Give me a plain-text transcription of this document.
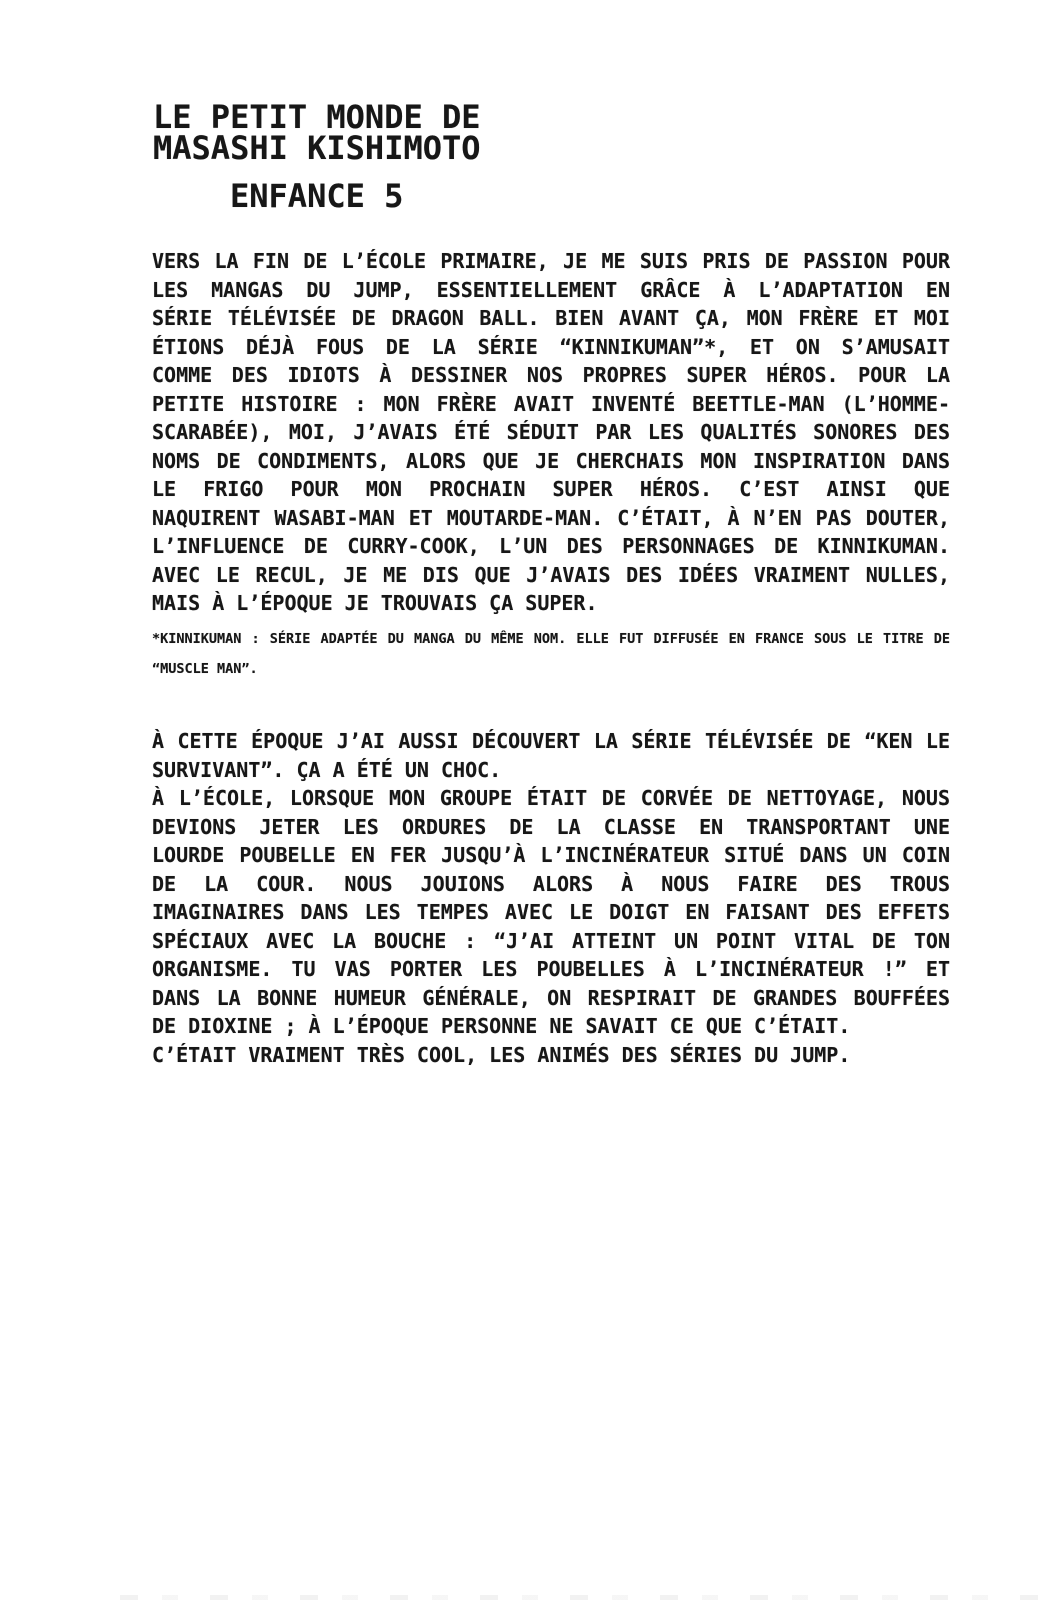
LE PETIT MONDE DE
MASASHI KISHIMOTO
ENFANCE 5
VERS LA FIN DE L’ÉCOLE PRIMAIRE, JE ME SUIS PRIS DE PASSION POUR
LES MANGAS DU JUMP, ESSENTIELLEMENT GRÂCE À L’ADAPTATION EN
SÉRIE TÉLÉVISÉE DE DRAGON BALL. BIEN AVANT ÇA, MON FRÈRE ET MOI
ÉTIONS DÉJÀ FOUS DE LA SÉRIE “KINNIKUMAN”*, ET ON S’AMUSAIT
COMME DES IDIOTS À DESSINER NOS PROPRES SUPER HÉROS. POUR LA
PETITE HISTOIRE : MON FRÈRE AVAIT INVENTÉ BEETTLE-MAN (L’HOMME-
SCARABÉE), MOI, J’AVAIS ÉTÉ SÉDUIT PAR LES QUALITÉS SONORES DES
NOMS DE CONDIMENTS, ALORS QUE JE CHERCHAIS MON INSPIRATION DANS
LE FRIGO POUR MON PROCHAIN SUPER HÉROS. C’EST AINSI QUE
NAQUIRENT WASABI-MAN ET MOUTARDE-MAN. C’ÉTAIT, À N’EN PAS DOUTER,
L’INFLUENCE DE CURRY-COOK, L’UN DES PERSONNAGES DE KINNIKUMAN.
AVEC LE RECUL, JE ME DIS QUE J’AVAIS DES IDÉES VRAIMENT NULLES,
MAIS À L’ÉPOQUE JE TROUVAIS ÇA SUPER.
*KINNIKUMAN : SÉRIE ADAPTÉE DU MANGA DU MÊME NOM. ELLE FUT DIFFUSÉE EN FRANCE SOUS LE TITRE DE
“MUSCLE MAN”.
À CETTE ÉPOQUE J’AI AUSSI DÉCOUVERT LA SÉRIE TÉLÉVISÉE DE “KEN LE
SURVIVANT”. ÇA A ÉTÉ UN CHOC.
À L’ÉCOLE, LORSQUE MON GROUPE ÉTAIT DE CORVÉE DE NETTOYAGE, NOUS
DEVIONS JETER LES ORDURES DE LA CLASSE EN TRANSPORTANT UNE
LOURDE POUBELLE EN FER JUSQU’À L’INCINÉRATEUR SITUÉ DANS UN COIN
DE LA COUR. NOUS JOUIONS ALORS À NOUS FAIRE DES TROUS
IMAGINAIRES DANS LES TEMPES AVEC LE DOIGT EN FAISANT DES EFFETS
SPÉCIAUX AVEC LA BOUCHE : “J’AI ATTEINT UN POINT VITAL DE TON
ORGANISME. TU VAS PORTER LES POUBELLES À L’INCINÉRATEUR !” ET
DANS LA BONNE HUMEUR GÉNÉRALE, ON RESPIRAIT DE GRANDES BOUFFÉES
DE DIOXINE ; À L’ÉPOQUE PERSONNE NE SAVAIT CE QUE C’ÉTAIT.
C’ÉTAIT VRAIMENT TRÈS COOL, LES ANIMÉS DES SÉRIES DU JUMP.
